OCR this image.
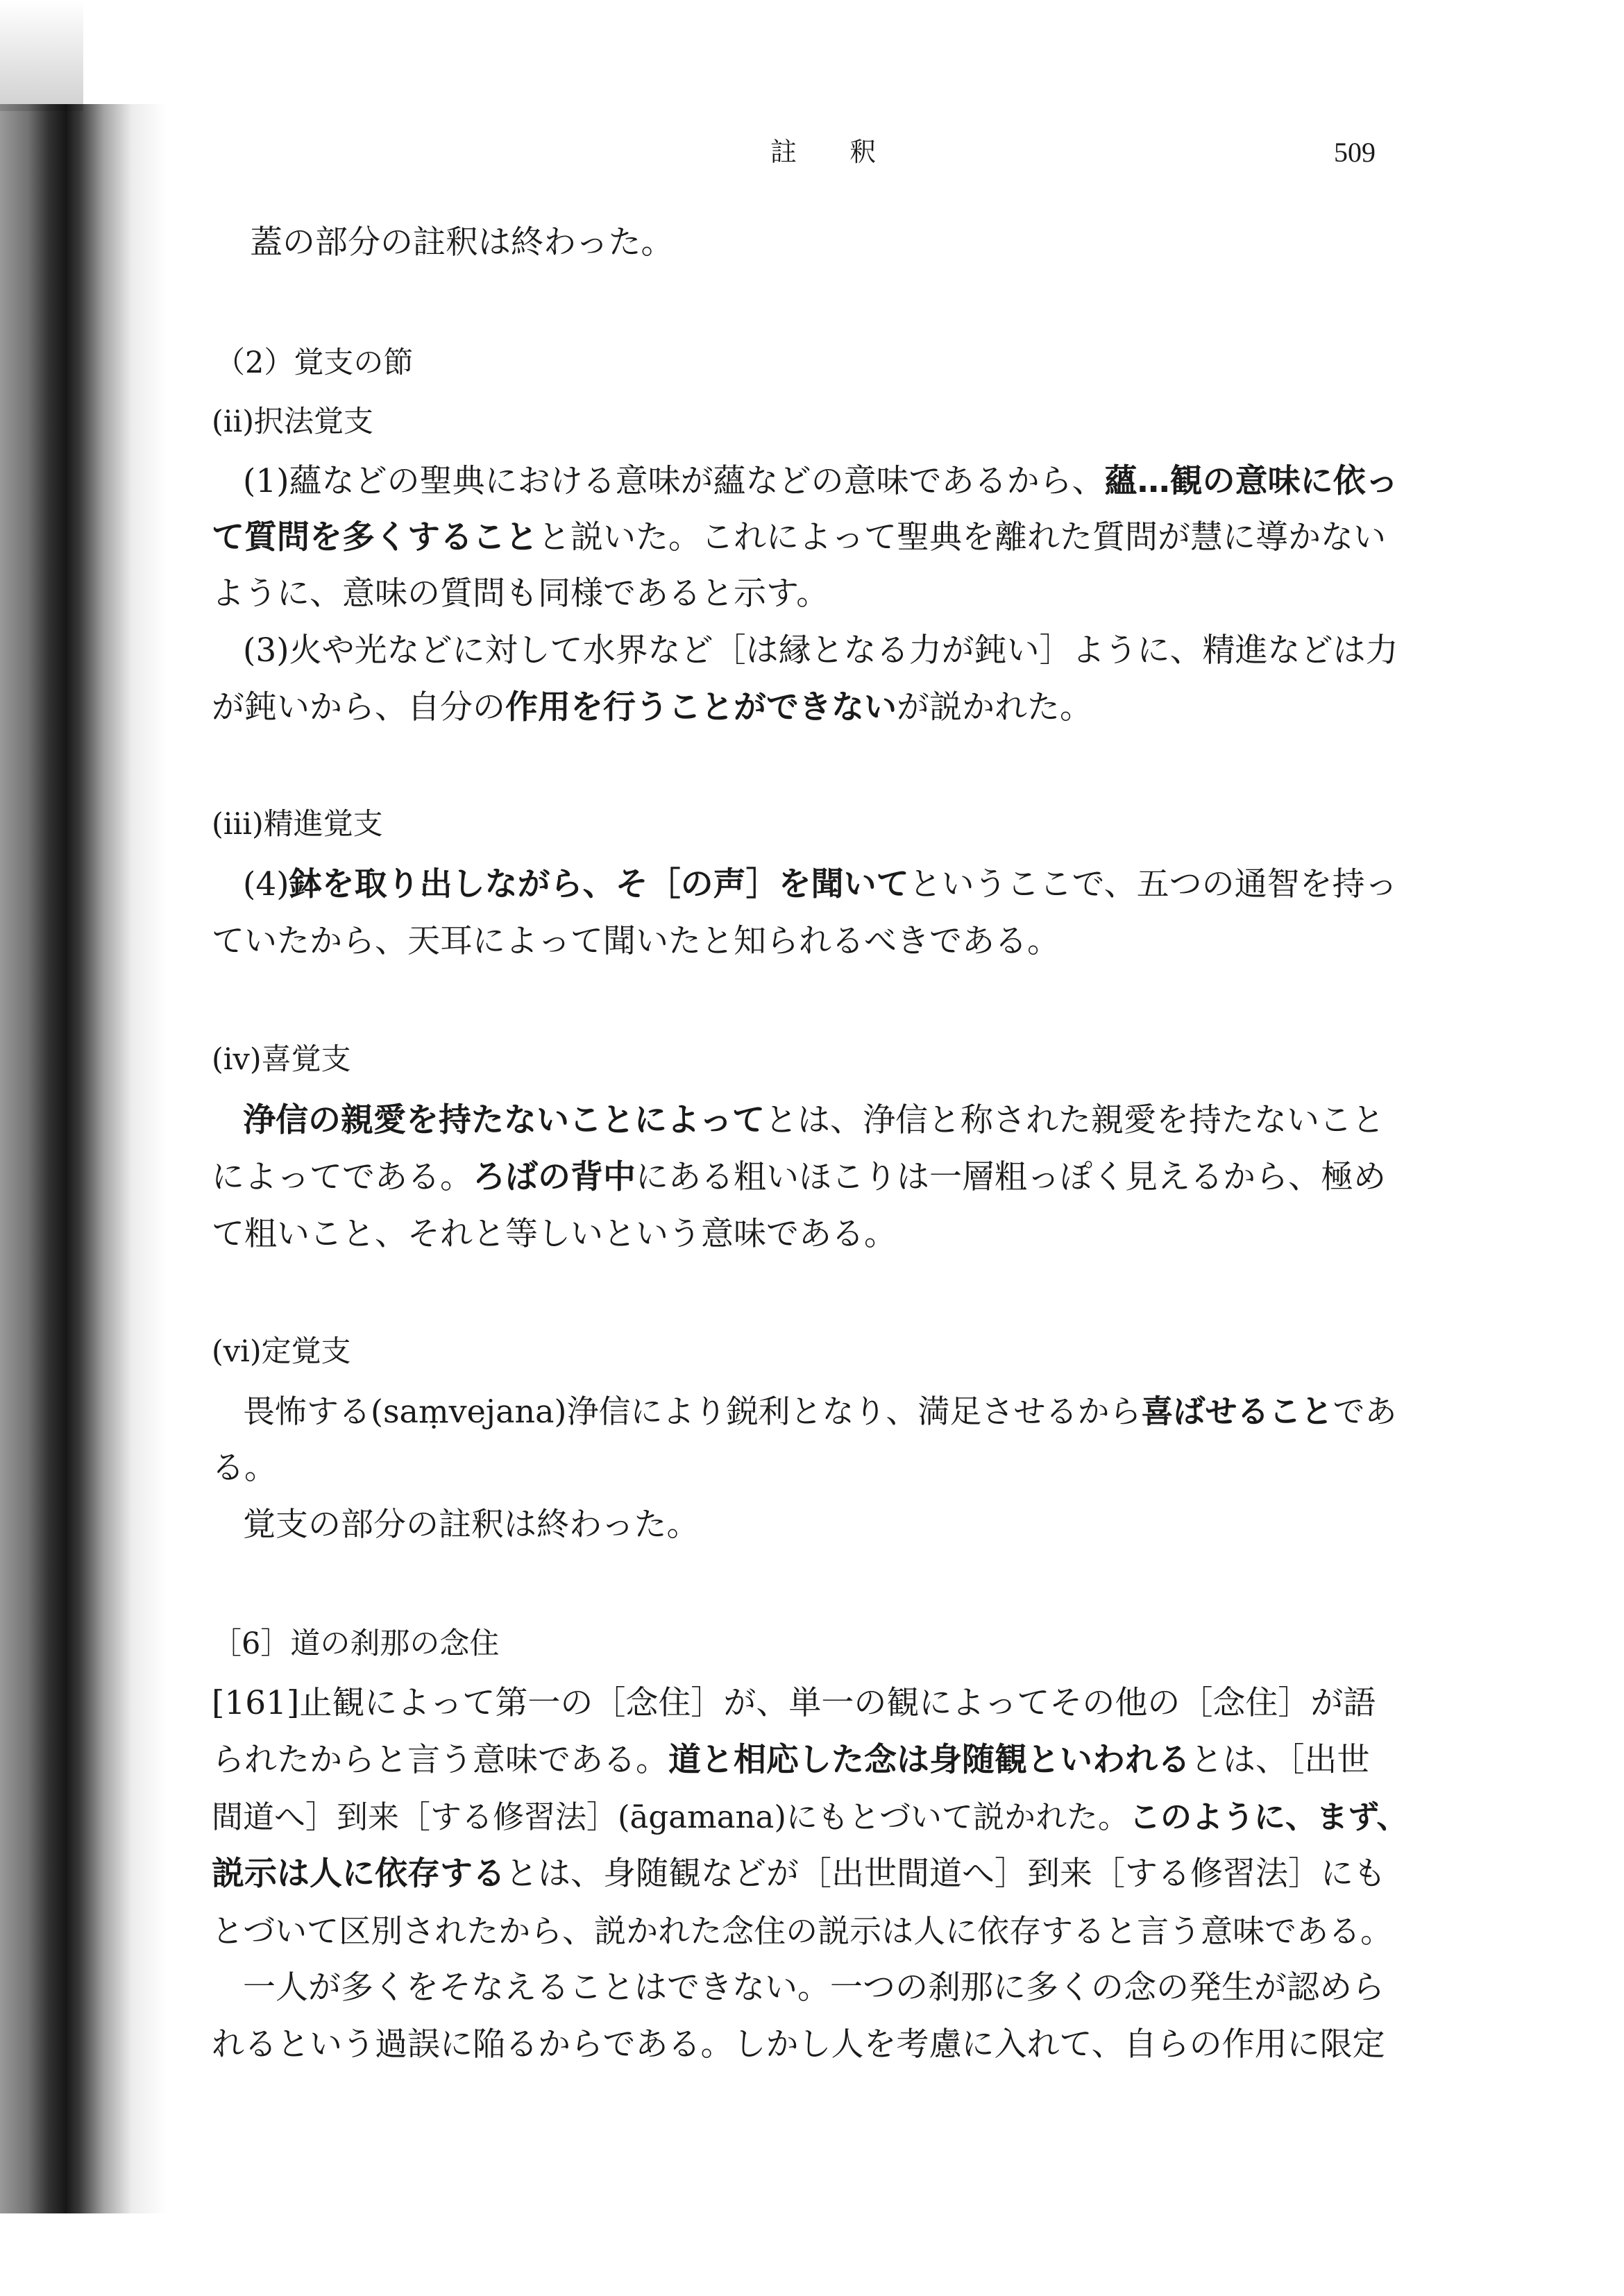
註 釈	509
蓋の部分の註釈は終わった。
（2）覚支の節
(ii)択法覚支
(1)蘊などの聖典における意味が蘊などの意味であるから、蘊…観の意味に依っ
て質問を多くすることと説いた。これによって聖典を離れた質問が慧に導かない
ように、意味の質問も同様であると示す。
(3)火や光などに対して水界など［は縁となる力が鈍い］ように、精進などは力
が鈍いから、自分の作用を行うことができないが説かれた。
(iii)精進覚支
(4)鉢を取り出しながら、そ［の声］を聞いてというここで、五つの通智を持っ
ていたから、天耳によって聞いたと知られるべきである。
(iv)喜覚支
浄信の親愛を持たないことによってとは、浄信と称された親愛を持たないこと
によってである。ろばの背中にある粗いほこりは一層粗っぽく見えるから、極め
て粗いこと、それと等しいという意味である。
(vi)定覚支
畏怖する(saṃvejana)浄信により鋭利となり、満足させるから喜ばせることであ
る。
覚支の部分の註釈は終わった。
［6］道の刹那の念住
[161]止観によって第一の［念住］が、単一の観によってその他の［念住］が語
られたからと言う意味である。道と相応した念は身随観といわれるとは、［出世
間道へ］到来［する修習法］(āgamana)にもとづいて説かれた。このように、まず、
説示は人に依存するとは、身随観などが［出世間道へ］到来［する修習法］にも
とづいて区別されたから、説かれた念住の説示は人に依存すると言う意味である。
一人が多くをそなえることはできない。一つの刹那に多くの念の発生が認めら
れるという過誤に陥るからである。しかし人を考慮に入れて、自らの作用に限定
